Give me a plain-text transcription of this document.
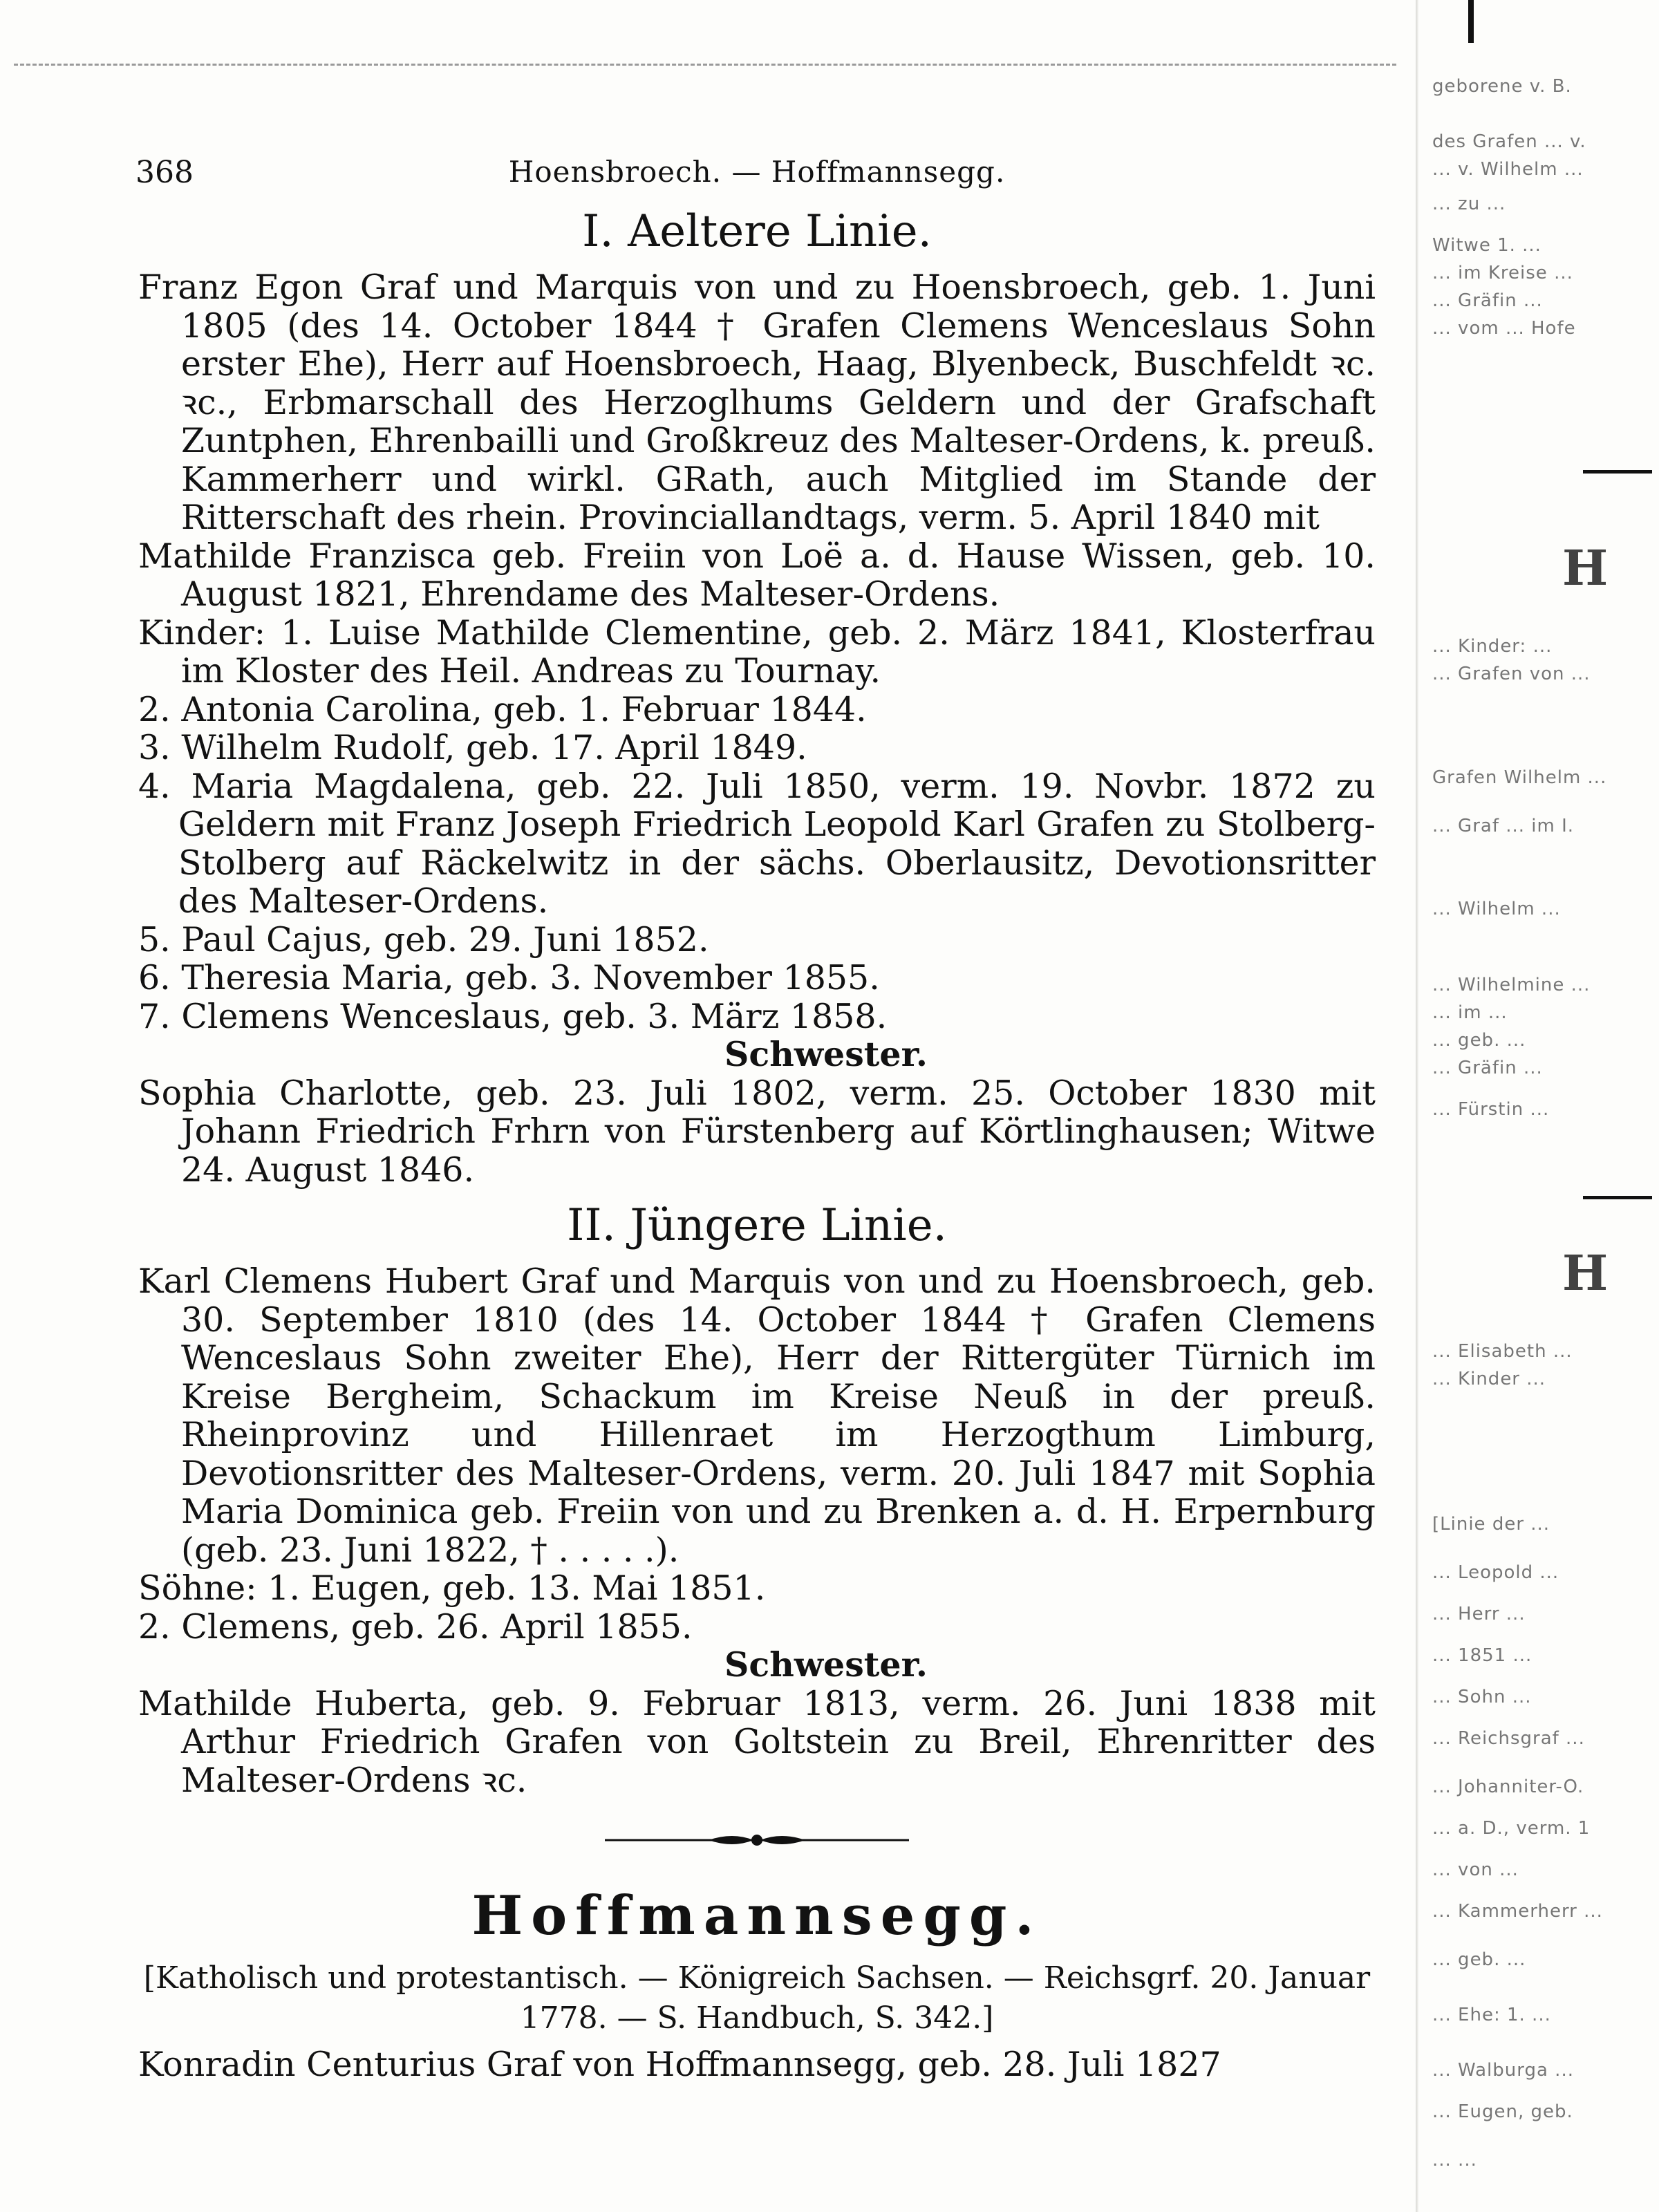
368	Hoensbroech. — Hoffmannsegg.
I. Aeltere Linie.

Franz Egon Graf und Marquis von und zu Hoensbroech, geb. 1. Juni 1805 (des 14. October 1844 † Grafen Clemens Wenceslaus Sohn erster Ehe), Herr auf Hoensbroech, Haag, Blyenbeck, Buschfeldt ꝛc. ꝛc., Erbmarschall des Herzoglhums Geldern und der Grafschaft Zuntphen, Ehrenbailli und Großkreuz des Malteser-Ordens, k. preuß. Kammerherr und wirkl. GRath, auch Mitglied im Stande der Ritterschaft des rhein. Provinciallandtags, verm. 5. April 1840 mit

Mathilde Franzisca geb. Freiin von Loë a. d. Hause Wissen, geb. 10. August 1821, Ehrendame des Malteser-Ordens.

Kinder: 1. Luise Mathilde Clementine, geb. 2. März 1841, Klosterfrau im Kloster des Heil. Andreas zu Tournay.

2. Antonia Carolina, geb. 1. Februar 1844.

3. Wilhelm Rudolf, geb. 17. April 1849.

4. Maria Magdalena, geb. 22. Juli 1850, verm. 19. Novbr. 1872 zu Geldern mit Franz Joseph Friedrich Leopold Karl Grafen zu Stolberg-Stolberg auf Räckelwitz in der sächs. Oberlausitz, Devotionsritter des Malteser-Ordens.

5. Paul Cajus, geb. 29. Juni 1852.

6. Theresia Maria, geb. 3. November 1855.

7. Clemens Wenceslaus, geb. 3. März 1858.

Schwester.

Sophia Charlotte, geb. 23. Juli 1802, verm. 25. October 1830 mit Johann Friedrich Frhrn von Fürstenberg auf Körtlinghausen; Witwe 24. August 1846.

II. Jüngere Linie.

Karl Clemens Hubert Graf und Marquis von und zu Hoensbroech, geb. 30. September 1810 (des 14. October 1844 † Grafen Clemens Wenceslaus Sohn zweiter Ehe), Herr der Rittergüter Türnich im Kreise Bergheim, Schackum im Kreise Neuß in der preuß. Rheinprovinz und Hillenraet im Herzogthum Limburg, Devotionsritter des Malteser-Ordens, verm. 20. Juli 1847 mit Sophia Maria Dominica geb. Freiin von und zu Brenken a. d. H. Erpernburg (geb. 23. Juni 1822, † . . . . .).

Söhne: 1. Eugen, geb. 13. Mai 1851.

2. Clemens, geb. 26. April 1855.

Schwester.

Mathilde Huberta, geb. 9. Februar 1813, verm. 26. Juni 1838 mit Arthur Friedrich Grafen von Goltstein zu Breil, Ehrenritter des Malteser-Ordens ꝛc.

Hoffmannsegg.
[Katholisch und protestantisch. — Königreich Sachsen. — Reichsgrf. 20. Januar 1778. — S. Handbuch, S. 342.]

Konradin Centurius Graf von Hoffmannsegg, geb. 28. Juli 1827

geborene v. B.
des Grafen ... v.
... v. Wilhelm ...
... zu ...
Witwe 1. ...
... im Kreise ...
... Gräfin ...
... vom ... Hofe
H
... Kinder: ...
... Grafen von ...
Grafen Wilhelm ...
... Graf ... im I.
... Wilhelm ...
... Wilhelmine ...
... im ...
... geb. ...
... Gräfin ...
... Fürstin ...
H
... Elisabeth ...
... Kinder ...
[Linie der ...
... Leopold ...
... Herr ...
... 1851 ...
... Sohn ...
... Reichsgraf ...
... Johanniter-O.
... a. D., verm. 1
... von ...
... Kammerherr ...
... geb. ...
... Ehe: 1. ...
... Walburga ...
... Eugen, geb.
... ...
